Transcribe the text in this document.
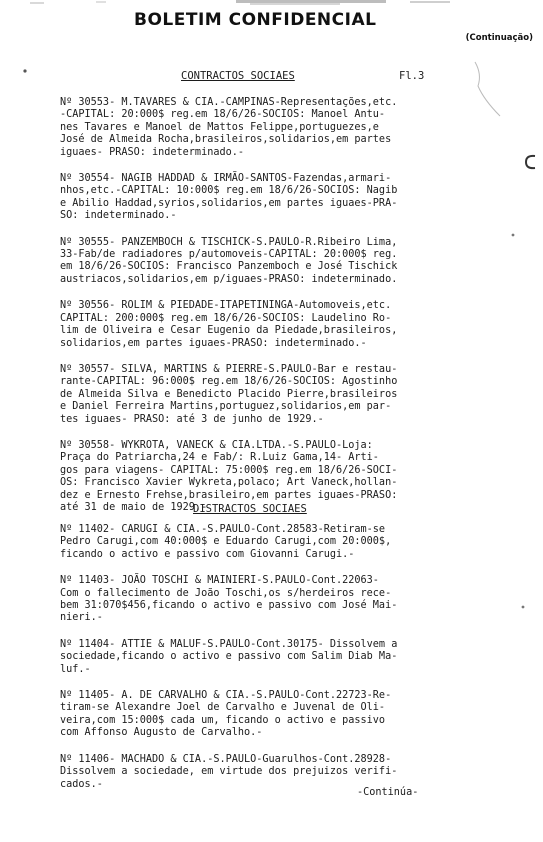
BOLETIM CONFIDENCIAL
(Continuação)
CONTRACTOS SOCIAES	Fl.3
Nº 30553- M.TAVARES & CIA.-CAMPINAS-Representações,etc.
-CAPITAL: 20:000$ reg.em 18/6/26-SOCIOS: Manoel Antu-
nes Tavares e Manoel de Mattos Felippe,portuguezes,e
José de Almeida Rocha,brasileiros,solidarios,em partes
iguaes- PRASO: indeterminado.-
Nº 30554- NAGIB HADDAD & IRMÃO-SANTOS-Fazendas,armari-
nhos,etc.-CAPITAL: 10:000$ reg.em 18/6/26-SOCIOS: Nagib
e Abilio Haddad,syrios,solidarios,em partes iguaes-PRA-
SO: indeterminado.-
Nº 30555- PANZEMBOCH & TISCHICK-S.PAULO-R.Ribeiro Lima,
33-Fab/de radiadores p/automoveis-CAPITAL: 20:000$ reg.
em 18/6/26-SOCIOS: Francisco Panzemboch e José Tischick
austriacos,solidarios,em p/iguaes-PRASO: indeterminado.
Nº 30556- ROLIM & PIEDADE-ITAPETININGA-Automoveis,etc.
CAPITAL: 200:000$ reg.em 18/6/26-SOCIOS: Laudelino Ro-
lim de Oliveira e Cesar Eugenio da Piedade,brasileiros,
solidarios,em partes iguaes-PRASO: indeterminado.-
Nº 30557- SILVA, MARTINS & PIERRE-S.PAULO-Bar e restau-
rante-CAPITAL: 96:000$ reg.em 18/6/26-SOCIOS: Agostinho
de Almeida Silva e Benedicto Placido Pierre,brasileiros
e Daniel Ferreira Martins,portuguez,solidarios,em par-
tes iguaes- PRASO: até 3 de junho de 1929.-
Nº 30558- WYKROTA, VANECK & CIA.LTDA.-S.PAULO-Loja:
Praça do Patriarcha,24 e Fab/: R.Luiz Gama,14- Arti-
gos para viagens- CAPITAL: 75:000$ reg.em 18/6/26-SOCI-
OS: Francisco Xavier Wykreta,polaco; Art Vaneck,hollan-
dez e Ernesto Frehse,brasileiro,em partes iguaes-PRASO:
até 31 de maio de 1929.-
DISTRACTOS SOCIAES
Nº 11402- CARUGI & CIA.-S.PAULO-Cont.28583-Retiram-se
Pedro Carugi,com 40:000$ e Eduardo Carugi,com 20:000$,
ficando o activo e passivo com Giovanni Carugi.-
Nº 11403- JOÃO TOSCHI & MAINIERI-S.PAULO-Cont.22063-
Com o fallecimento de João Toschi,os s/herdeiros rece-
bem 31:070$456,ficando o activo e passivo com José Mai-
nieri.-
Nº 11404- ATTIE & MALUF-S.PAULO-Cont.30175- Dissolvem a
sociedade,ficando o activo e passivo com Salim Diab Ma-
luf.-
Nº 11405- A. DE CARVALHO & CIA.-S.PAULO-Cont.22723-Re-
tiram-se Alexandre Joel de Carvalho e Juvenal de Oli-
veira,com 15:000$ cada um, ficando o activo e passivo
com Affonso Augusto de Carvalho.-
Nº 11406- MACHADO & CIA.-S.PAULO-Guarulhos-Cont.28928-
Dissolvem a sociedade, em virtude dos prejuizos verifi-
cados.-
-Continúa-
